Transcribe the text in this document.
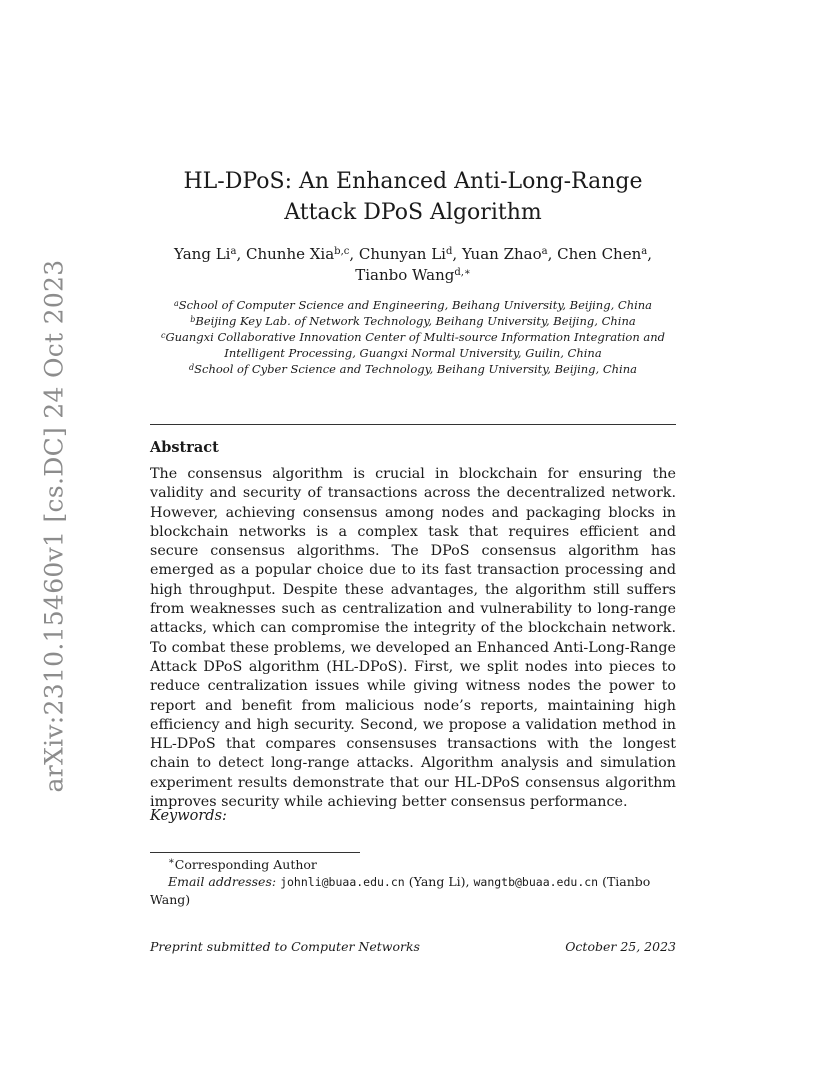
arXiv:2310.15460v1 [cs.DC] 24 Oct 2023
HL-DPoS: An Enhanced Anti-Long-Range Attack DPoS Algorithm
Yang Li$^a$, Chunhe Xia$^{b,c}$, Chunyan Li$^d$, Yuan Zhao$^a$, Chen Chen$^a$, Tianbo Wang$^{d,∗}$
$^a$School of Computer Science and Engineering, Beihang University, Beijing, China
$^b$Beijing Key Lab. of Network Technology, Beihang University, Beijing, China
$^c$Guangxi Collaborative Innovation Center of Multi-source Information Integration and Intelligent Processing, Guangxi Normal University, Guilin, China
$^d$School of Cyber Science and Technology, Beihang University, Beijing, China
Abstract
The consensus algorithm is crucial in blockchain for ensuring the validity and security of transactions across the decentralized network. However, achieving consensus among nodes and packaging blocks in blockchain networks is a complex task that requires efficient and secure consensus algorithms. The DPoS consensus algorithm has emerged as a popular choice due to its fast transaction processing and high throughput. Despite these advantages, the algorithm still suffers from weaknesses such as centralization and vulnerability to long-range attacks, which can compromise the integrity of the blockchain network. To combat these problems, we developed an Enhanced Anti-Long-Range Attack DPoS algorithm (HL-DPoS). First, we split nodes into pieces to reduce centralization issues while giving witness nodes the power to report and benefit from malicious node’s reports, maintaining high efficiency and high security. Second, we propose a validation method in HL-DPoS that compares consensuses transactions with the longest chain to detect long-range attacks. Algorithm analysis and simulation experiment results demonstrate that our HL-DPoS consensus algorithm improves security while achieving better consensus performance.
Keywords:
∗Corresponding Author
Email addresses: johnli@buaa.edu.cn (Yang Li), wangtb@buaa.edu.cn (Tianbo Wang)
Preprint submitted to Computer Networks	October 25, 2023
